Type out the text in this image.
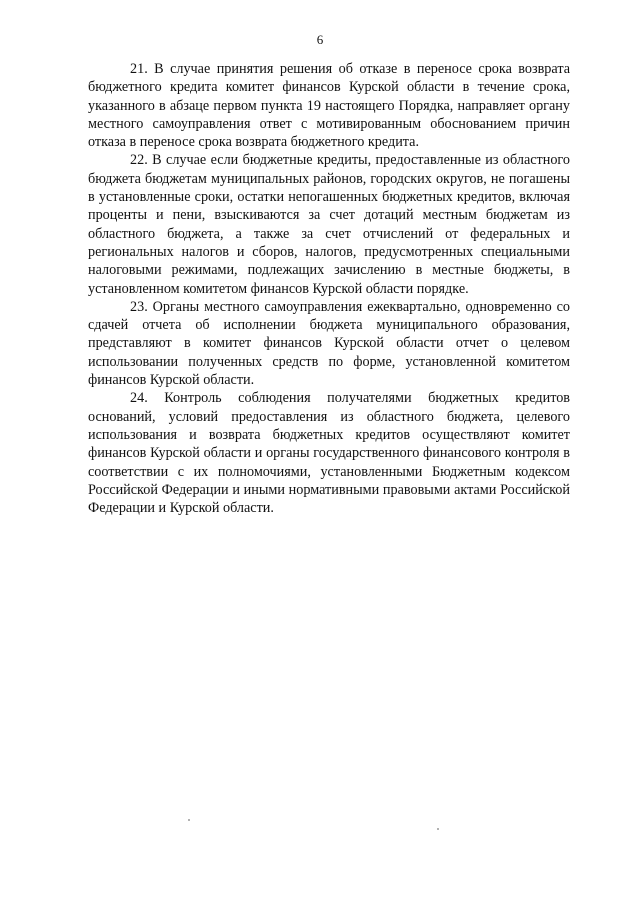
6

21. В случае принятия решения об отказе в переносе срока возврата бюджетного кредита комитет финансов Курской области в течение срока, указанного в абзаце первом пункта 19 настоящего Порядка, направляет органу местного самоуправления ответ с мотивированным обоснованием причин отказа в переносе срока возврата бюджетного кредита.

22. В случае если бюджетные кредиты, предоставленные из областного бюджета бюджетам муниципальных районов, городских округов, не погашены в установленные сроки, остатки непогашенных бюджетных кредитов, включая проценты и пени, взыскиваются за счет дотаций местным бюджетам из областного бюджета, а также за счет отчислений от федеральных и региональных налогов и сборов, налогов, предусмотренных специальными налоговыми режимами, подлежащих зачислению в местные бюджеты, в установленном комитетом финансов Курской области порядке.

23. Органы местного самоуправления ежеквартально, одновременно со сдачей отчета об исполнении бюджета муниципального образования, представляют в комитет финансов Курской области отчет о целевом использовании полученных средств по форме, установленной комитетом финансов Курской области.

24. Контроль соблюдения получателями бюджетных кредитов оснований, условий предоставления из областного бюджета, целевого использования и возврата бюджетных кредитов осуществляют комитет финансов Курской области и органы государственного финансового контроля в соответствии с их полномочиями, установленными Бюджетным кодексом Российской Федерации и иными нормативными правовыми актами Российской Федерации и Курской области.
